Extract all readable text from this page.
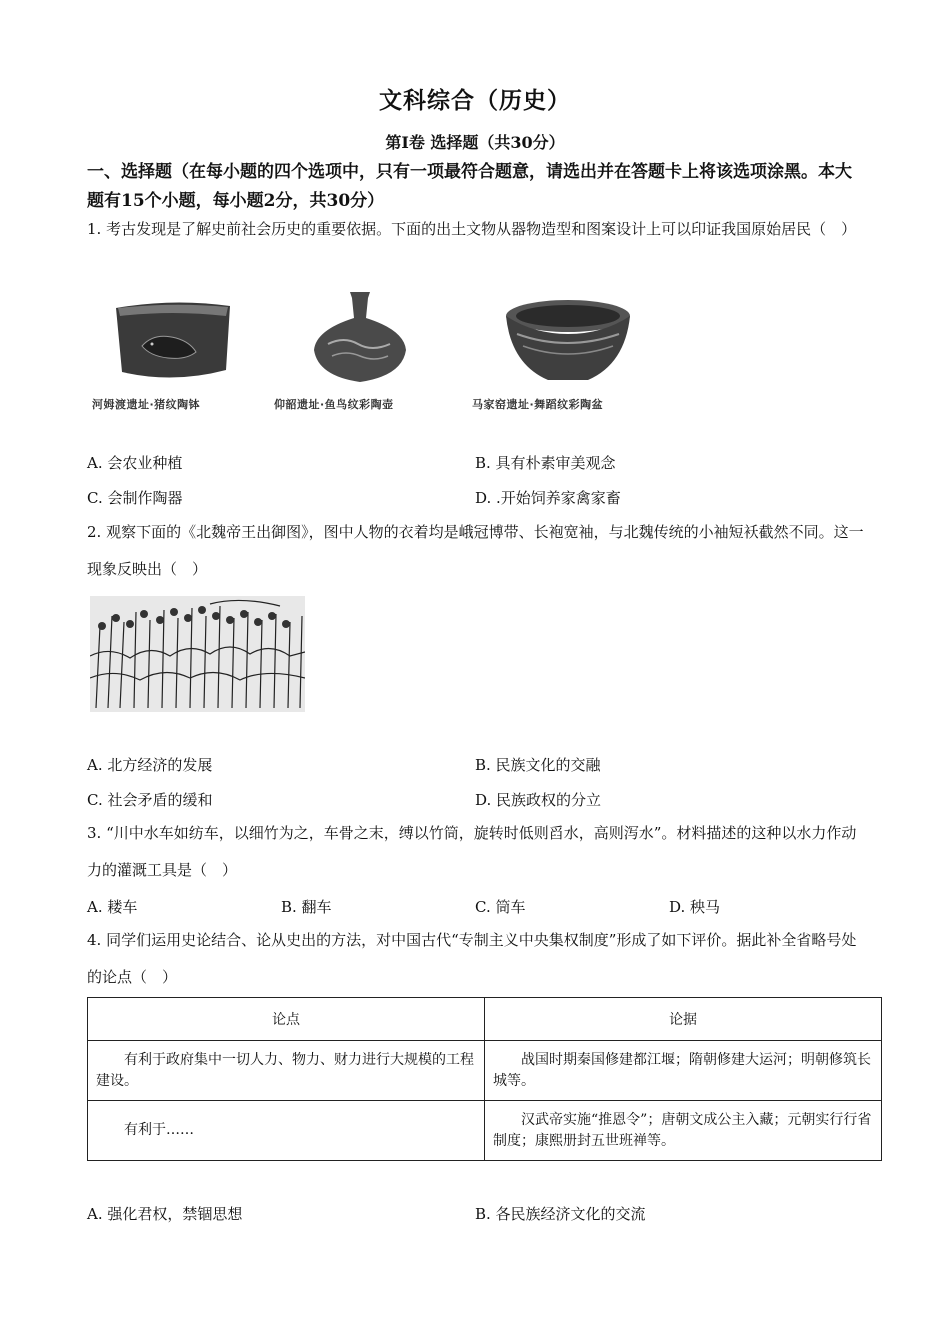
文科综合（历史）
第Ⅰ卷 选择题（共30分）
一、选择题（在每小题的四个选项中，只有一项最符合题意，请选出并在答题卡上将该选项涂黑。本大题有15个小题，每小题2分，共30分）
1. 考古发现是了解史前社会历史的重要依据。下面的出土文物从器物造型和图案设计上可以印证我国原始居民（　）
河姆渡遗址·猪纹陶钵	仰韶遗址·鱼鸟纹彩陶壶	马家窑遗址·舞蹈纹彩陶盆
A. 会农业种植	B. 具有朴素审美观念
C. 会制作陶器	D. .开始饲养家禽家畜
2. 观察下面的《北魏帝王出御图》，图中人物的衣着均是峨冠博带、长袍宽袖，与北魏传统的小袖短袄截然不同。这一现象反映出（　）
A. 北方经济的发展	B. 民族文化的交融
C. 社会矛盾的缓和	D. 民族政权的分立
3. “川中水车如纺车，以细竹为之，车骨之末，缚以竹筒，旋转时低则舀水，高则泻水”。材料描述的这种以水力作动力的灌溉工具是（　）
A. 耧车	B. 翻车	C. 筒车	D. 秧马
4. 同学们运用史论结合、论从史出的方法，对中国古代“专制主义中央集权制度”形成了如下评价。据此补全省略号处的论点（　）
论点	论据
有利于政府集中一切人力、物力、财力进行大规模的工程建设。	战国时期秦国修建都江堰；隋朝修建大运河；明朝修筑长城等。
有利于……	汉武帝实施“推恩令”；唐朝文成公主入藏；元朝实行行省制度；康熙册封五世班禅等。
A. 强化君权，禁锢思想	B. 各民族经济文化的交流
